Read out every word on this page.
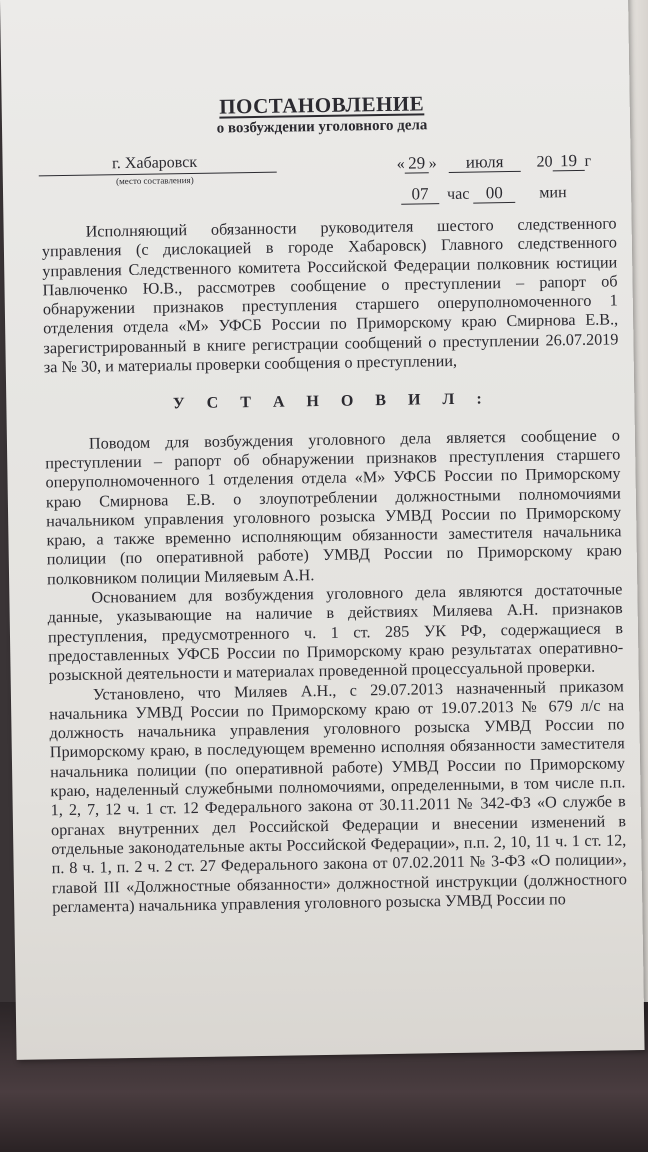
ПОСТАНОВЛЕНИЕ
о возбуждении уголовного дела
г. Хабаровск
(место составления)
« 29 » июля 20 19 г
07 час 00 мин

Исполняющий обязанности руководителя шестого следственного управления (с дислокацией в городе Хабаровск) Главного следственного управления Следственного комитета Российской Федерации полковник юстиции Павлюченко Ю.В., рассмотрев сообщение о преступлении – рапорт об обнаружении признаков преступления старшего оперуполномоченного 1 отделения отдела «М» УФСБ России по Приморскому краю Смирнова Е.В., зарегистрированный в книге регистрации сообщений о преступлении 26.07.2019 за № 30, и материалы проверки сообщения о преступлении,

У С Т А Н О В И Л :

Поводом для возбуждения уголовного дела является сообщение о преступлении – рапорт об обнаружении признаков преступления старшего оперуполномоченного 1 отделения отдела «М» УФСБ России по Приморскому краю Смирнова Е.В. о злоупотреблении должностными полномочиями начальником управления уголовного розыска УМВД России по Приморскому краю, а также временно исполняющим обязанности заместителя начальника полиции (по оперативной работе) УМВД России по Приморскому краю полковником полиции Миляевым А.Н.

Основанием для возбуждения уголовного дела являются достаточные данные, указывающие на наличие в действиях Миляева А.Н. признаков преступления, предусмотренного ч. 1 ст. 285 УК РФ, содержащиеся в предоставленных УФСБ России по Приморскому краю результатах оперативно-розыскной деятельности и материалах проведенной процессуальной проверки.

Установлено, что Миляев А.Н., с 29.07.2013 назначенный приказом начальника УМВД России по Приморскому краю от 19.07.2013 № 679 л/с на должность начальника управления уголовного розыска УМВД России по Приморскому краю, в последующем временно исполняя обязанности заместителя начальника полиции (по оперативной работе) УМВД России по Приморскому краю, наделенный служебными полномочиями, определенными, в том числе п.п. 1, 2, 7, 12 ч. 1 ст. 12 Федерального закона от 30.11.2011 № 342-ФЗ «О службе в органах внутренних дел Российской Федерации и внесении изменений в отдельные законодательные акты Российской Федерации», п.п. 2, 10, 11 ч. 1 ст. 12, п. 8 ч. 1, п. 2 ч. 2 ст. 27 Федерального закона от 07.02.2011 № 3-ФЗ «О полиции», главой III «Должностные обязанности» должностной инструкции (должностного регламента) начальника управления уголовного розыска УМВД России по
